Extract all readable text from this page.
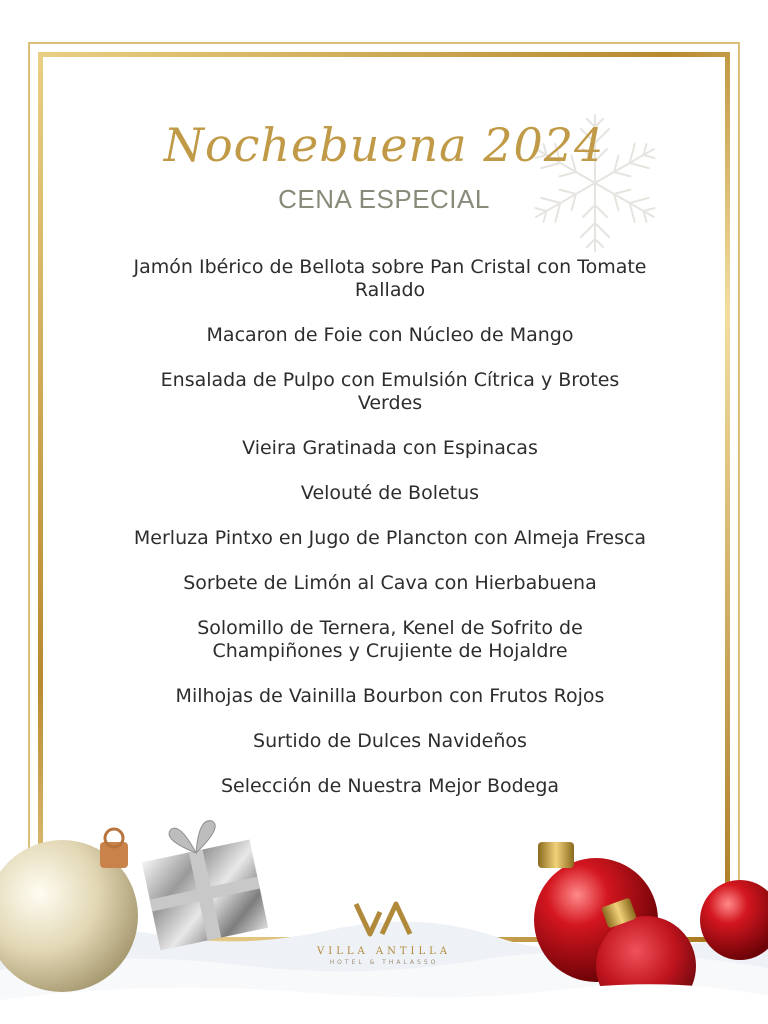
Nochebuena 2024
CENA ESPECIAL
Jamón Ibérico de Bellota sobre Pan Cristal con Tomate Rallado
Macaron de Foie con Núcleo de Mango
Ensalada de Pulpo con Emulsión Cítrica y Brotes Verdes
Vieira Gratinada con Espinacas
Velouté de Boletus
Merluza Pintxo en Jugo de Plancton con Almeja Fresca
Sorbete de Limón al Cava con Hierbabuena
Solomillo de Ternera, Kenel de Sofrito de Champiñones y Crujiente de Hojaldre
Milhojas de Vainilla Bourbon con Frutos Rojos
Surtido de Dulces Navideños
Selección de Nuestra Mejor Bodega
VILLA ANTILLA
HOTEL & THALASSO
